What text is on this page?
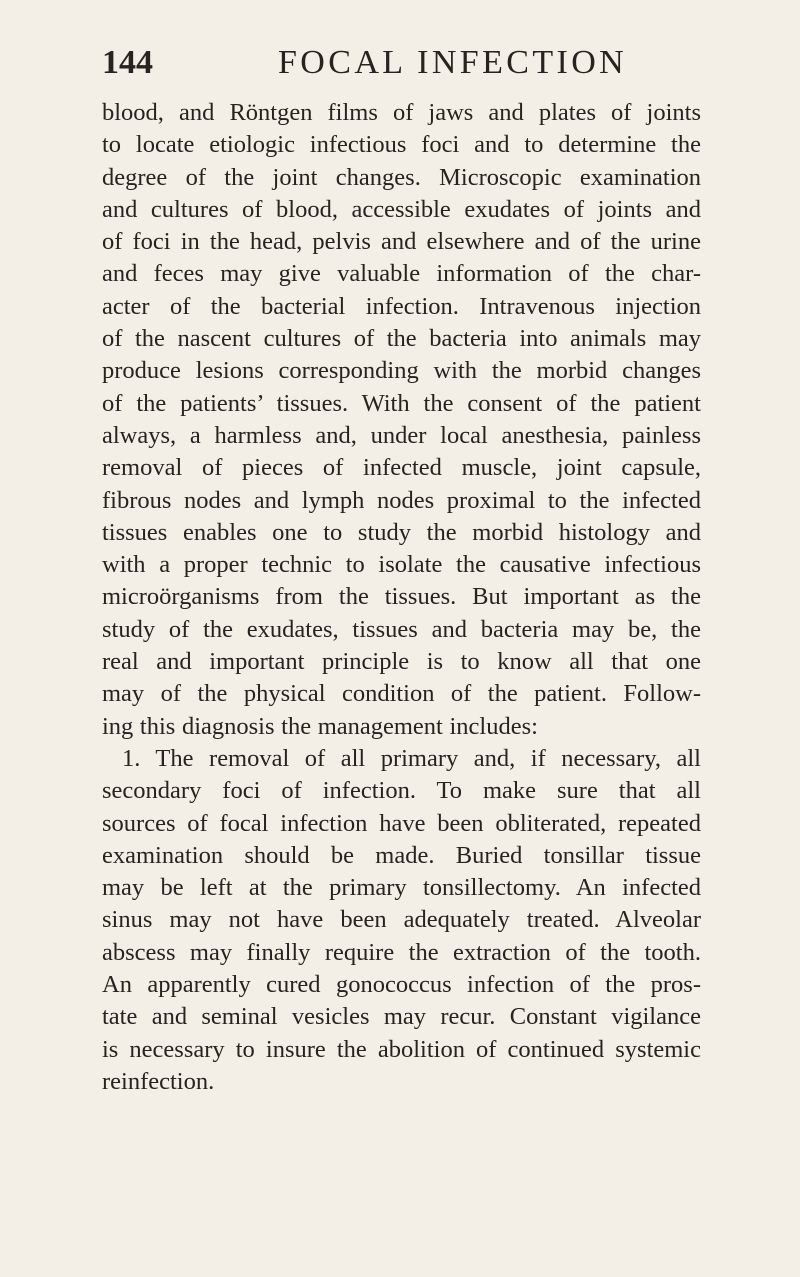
144	FOCAL INFECTION
blood, and Röntgen films of jaws and plates of joints
to locate etiologic infectious foci and to determine the
degree of the joint changes. Microscopic examination
and cultures of blood, accessible exudates of joints and
of foci in the head, pelvis and elsewhere and of the urine
and feces may give valuable information of the char-
acter of the bacterial infection. Intravenous injection
of the nascent cultures of the bacteria into animals may
produce lesions corresponding with the morbid changes
of the patients’ tissues. With the consent of the patient
always, a harmless and, under local anesthesia, painless
removal of pieces of infected muscle, joint capsule,
fibrous nodes and lymph nodes proximal to the infected
tissues enables one to study the morbid histology and
with a proper technic to isolate the causative infectious
microörganisms from the tissues. But important as the
study of the exudates, tissues and bacteria may be, the
real and important principle is to know all that one
may of the physical condition of the patient. Follow-
ing this diagnosis the management includes:
1. The removal of all primary and, if necessary, all
secondary foci of infection. To make sure that all
sources of focal infection have been obliterated, repeated
examination should be made. Buried tonsillar tissue
may be left at the primary tonsillectomy. An infected
sinus may not have been adequately treated. Alveolar
abscess may finally require the extraction of the tooth.
An apparently cured gonococcus infection of the pros-
tate and seminal vesicles may recur. Constant vigilance
is necessary to insure the abolition of continued systemic
reinfection.
